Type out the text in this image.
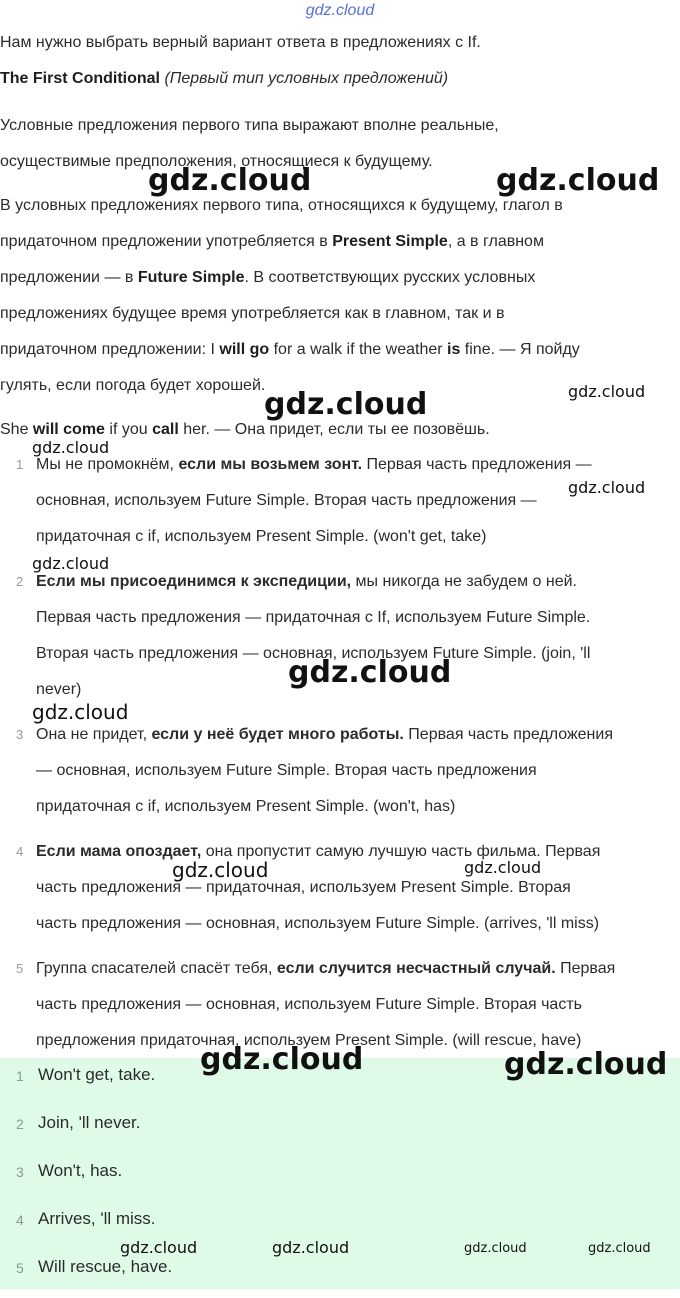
gdz.cloud

Нам нужно выбрать верный вариант ответа в предложениях с If.

The First Conditional (Первый тип условных предложений)

Условные предложения первого типа выражают вполне реальные,

осуществимые предположения, относящиеся к будущему.

В условных предложениях первого типа, относящихся к будущему, глагол в

придаточном предложении употребляется в Present Simple, а в главном

предложении — в Future Simple. В соответствующих русских условных

предложениях будущее время употребляется как в главном, так и в

придаточном предложении: I will go for a walk if the weather is fine. — Я пойду

гулять, если погода будет хорошей.

She will come if you call her. — Она придет, если ты ее позовёшь.

1 Мы не промокнём, если мы возьмем зонт. Первая часть предложения —
основная, используем Future Simple. Вторая часть предложения —
придаточная с if, используем Present Simple. (won't get, take)
2 Если мы присоединимся к экспедиции, мы никогда не забудем о ней.
Первая часть предложения — придаточная с If, используем Future Simple.
Вторая часть предложения — основная, используем Future Simple. (join, 'll
never)
3 Она не придет, если у неё будет много работы. Первая часть предложения
— основная, используем Future Simple. Вторая часть предложения
придаточная с if, используем Present Simple. (won't, has)
4 Если мама опоздает, она пропустит самую лучшую часть фильма. Первая
часть предложения — придаточная, используем Present Simple. Вторая
часть предложения — основная, используем Future Simple. (arrives, 'll miss)
5 Группа спасателей спасёт тебя, если случится несчастный случай. Первая
часть предложения — основная, используем Future Simple. Вторая часть
предложения придаточная, используем Present Simple. (will rescue, have)
1 Won't get, take.
2 Join, 'll never.
3 Won't, has.
4 Arrives, 'll miss.
5 Will rescue, have.
gdz.cloud	gdz.cloud
gdz.cloud
gdz.cloud
gdz.cloud
gdz.cloud
gdz.cloud
gdz.cloud
gdz.cloud
gdz.cloud	gdz.cloud
gdz.cloud	gdz.cloud
gdz.cloud	gdz.cloud	gdz.cloud	gdz.cloud
